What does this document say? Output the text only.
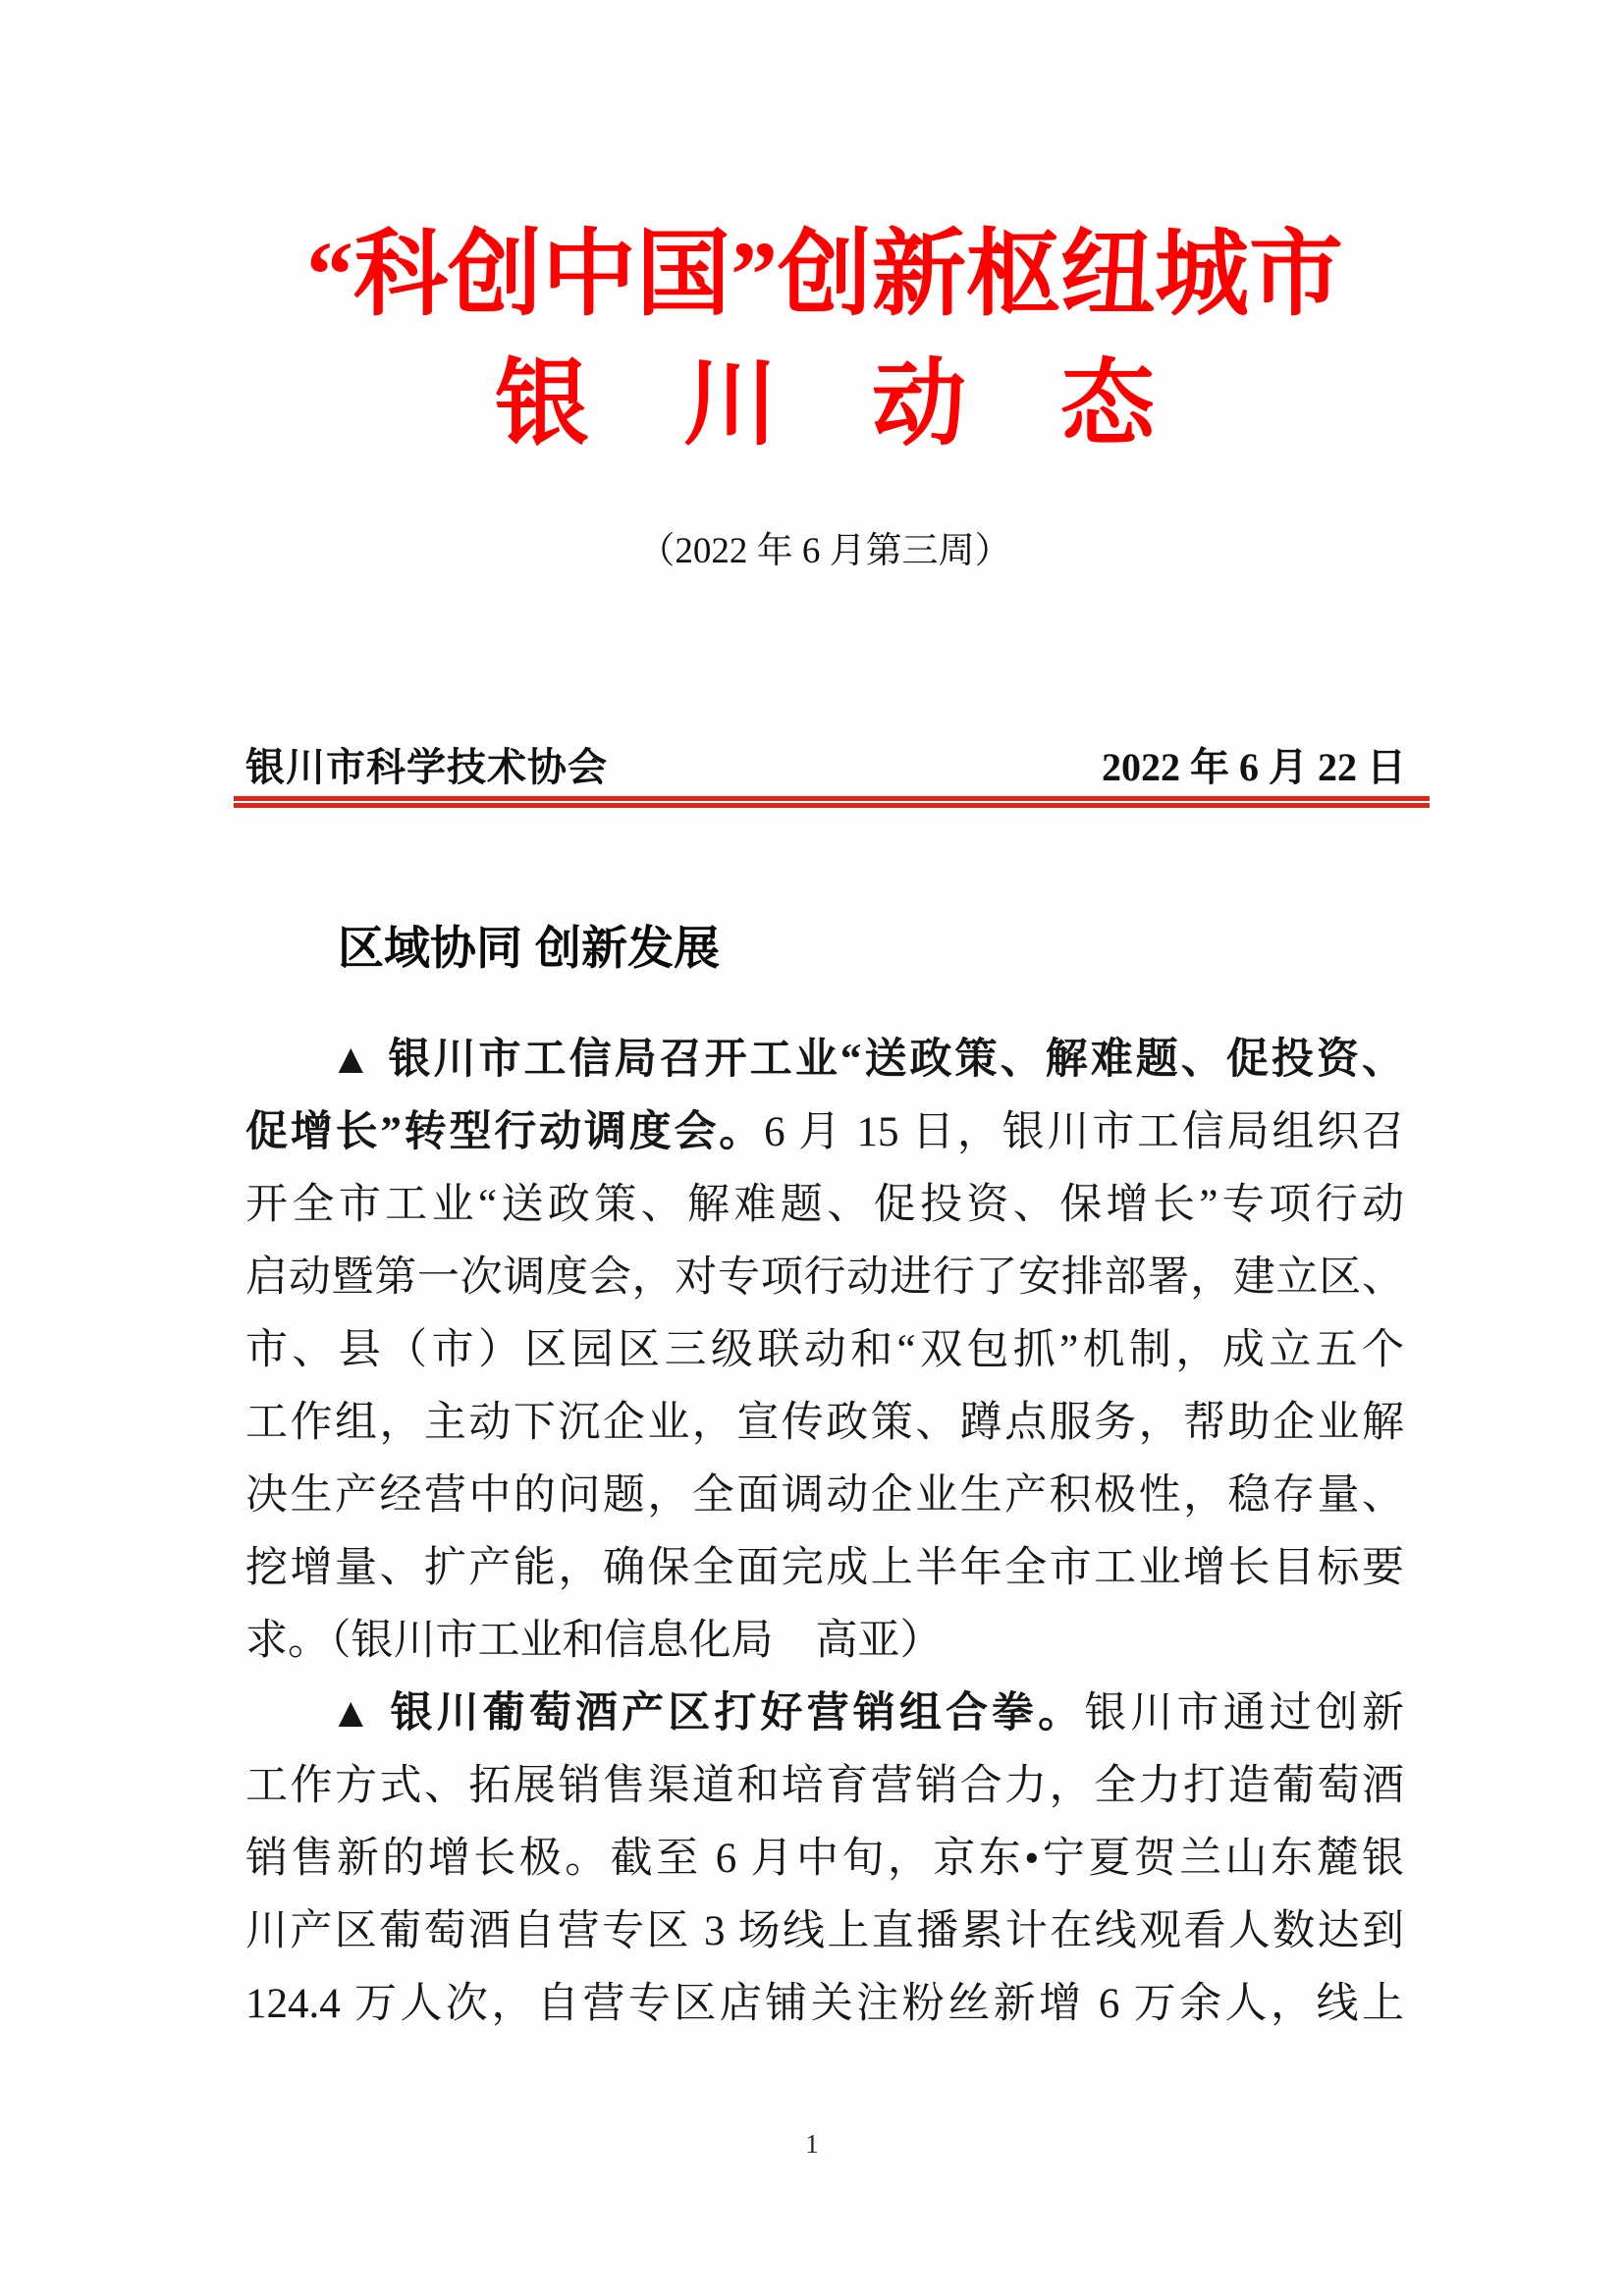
“科创中国”创新枢纽城市
银　川　动　态
（2022 年 6 月第三周）
银川市科学技术协会	2022 年 6 月 22 日
区域协同 创新发展
▲ 银川市工信局召开工业“送政策、解难题、促投资、
促增长”转型行动调度会。6 月 15 日，银川市工信局组织召
开全市工业“送政策、解难题、促投资、保增长”专项行动
启动暨第一次调度会，对专项行动进行了安排部署，建立区、
市、县（市）区园区三级联动和“双包抓”机制，成立五个
工作组，主动下沉企业，宣传政策、蹲点服务，帮助企业解
决生产经营中的问题，全面调动企业生产积极性，稳存量、
挖增量、扩产能，确保全面完成上半年全市工业增长目标要
求。（银川市工业和信息化局　高亚）
▲ 银川葡萄酒产区打好营销组合拳。银川市通过创新
工作方式、拓展销售渠道和培育营销合力，全力打造葡萄酒
销售新的增长极。截至 6 月中旬，京东•宁夏贺兰山东麓银
川产区葡萄酒自营专区 3 场线上直播累计在线观看人数达到
124.4 万人次，自营专区店铺关注粉丝新增 6 万余人，线上
1
